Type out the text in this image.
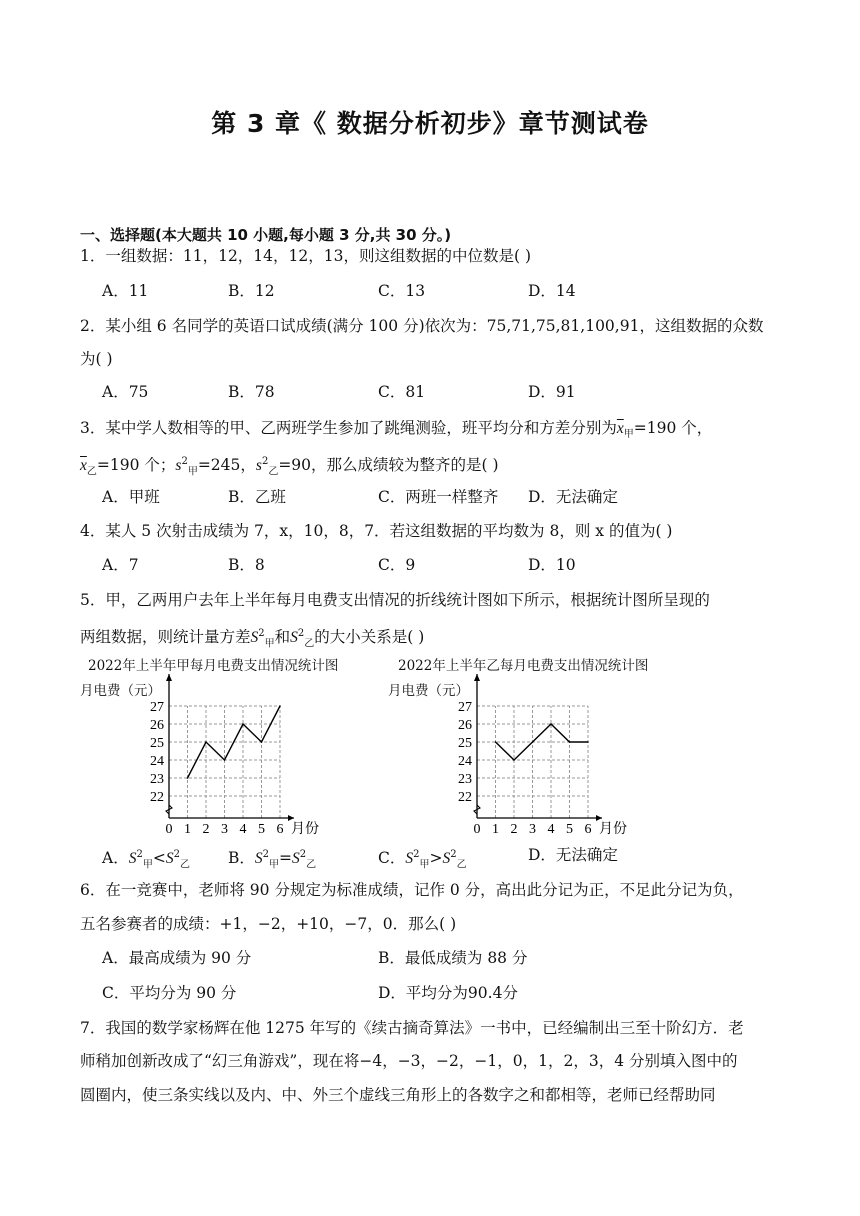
第 3 章《 数据分析初步》章节测试卷
一、选择题(本大题共 10 小题,每小题 3 分,共 30 分。)
1．一组数据：11，12，14，12，13，则这组数据的中位数是( )
A．11	B．12	C．13	D．14
2．某小组 6 名同学的英语口试成绩(满分 100 分)依次为：75,71,75,81,100,91，这组数据的众数
为( )
A．75	B．78	C．81	D．91
3．某中学人数相等的甲、乙两班学生参加了跳绳测验，班平均分和方差分别为$\overline{x}_甲=190$ 个，
$\overline{x}_乙=190$ 个；$s^2_甲=245$，$s^2_乙=90$，那么成绩较为整齐的是( )
A．甲班	B．乙班	C．两班一样整齐 D．无法确定
4．某人 5 次射击成绩为 7，x，10，8，7．若这组数据的平均数为 8，则 x 的值为( )
A．7	B．8	C．9	D．10
5．甲，乙两用户去年上半年每月电费支出情况的折线统计图如下所示，根据统计图所呈现的
两组数据，则统计量方差$S^2_甲$和$S^2_乙$的大小关系是( )
2022年上半年甲每月电费支出情况统计图
月电费（元）
22
23
24
25
26
27
0 1 2 3 4 5 6 月份
2022年上半年乙每月电费支出情况统计图
月电费（元）
22
23
24
25
26
27
0 1 2 3 4 5 6 月份
A．$S^2_甲<S^2_乙$ B．$S^2_甲=S^2_乙$	C．$S^2_甲>S^2_乙$
D．无法确定
6．在一竞赛中，老师将 90 分规定为标准成绩，记作 0 分，高出此分记为正，不足此分记为负，
五名参赛者的成绩：+1，−2，+10，−7，0．那么( )
A．最高成绩为 90 分	B．最低成绩为 88 分
C．平均分为 90 分	D．平均分为90.4分
7．我国的数学家杨辉在他 1275 年写的《续古摘奇算法》一书中，已经编制出三至十阶幻方．老
师稍加创新改成了“幻三角游戏”，现在将−4，−3，−2，−1，0，1，2，3，4 分别填入图中的
圆圈内，使三条实线以及内、中、外三个虚线三角形上的各数字之和都相等，老师已经帮助同
